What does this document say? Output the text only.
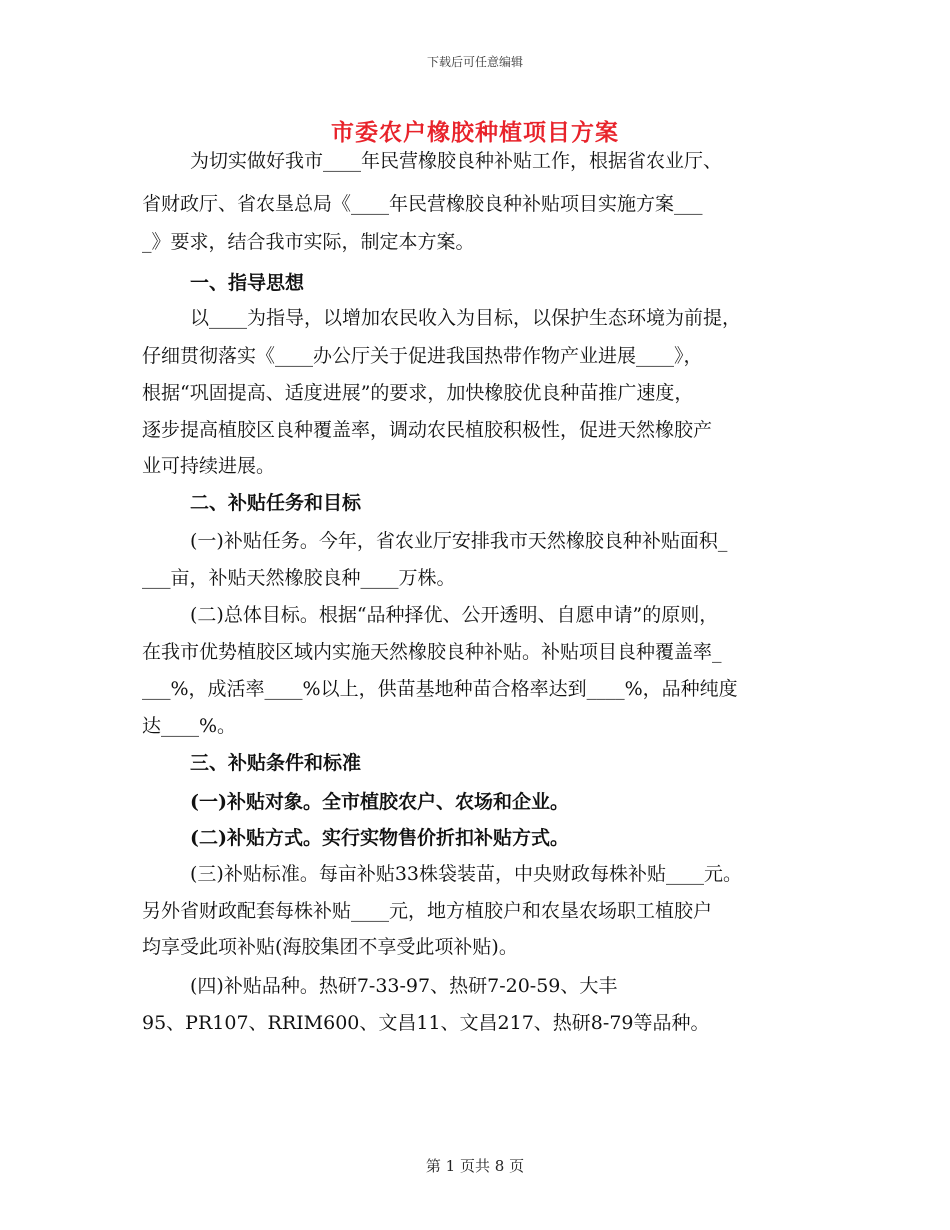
下载后可任意编辑
市委农户橡胶种植项目方案
为切实做好我市____年民营橡胶良种补贴工作，根据省农业厅、
省财政厅、省农垦总局《____年民营橡胶良种补贴项目实施方案___
_》要求，结合我市实际，制定本方案。
一、指导思想
以____为指导，以增加农民收入为目标，以保护生态环境为前提，
仔细贯彻落实《____办公厅关于促进我国热带作物产业进展____》，
根据“巩固提高、适度进展”的要求，加快橡胶优良种苗推广速度，
逐步提高植胶区良种覆盖率，调动农民植胶积极性，促进天然橡胶产
业可持续进展。
二、补贴任务和目标
(一)补贴任务。今年，省农业厅安排我市天然橡胶良种补贴面积_
___亩，补贴天然橡胶良种____万株。
(二)总体目标。根据“品种择优、公开透明、自愿申请”的原则，
在我市优势植胶区域内实施天然橡胶良种补贴。补贴项目良种覆盖率_
___%，成活率____%以上，供苗基地种苗合格率达到____%，品种纯度
达____%。
三、补贴条件和标准
(一)补贴对象。全市植胶农户、农场和企业。
(二)补贴方式。实行实物售价折扣补贴方式。
(三)补贴标准。每亩补贴33株袋装苗，中央财政每株补贴____元。
另外省财政配套每株补贴____元，地方植胶户和农垦农场职工植胶户
均享受此项补贴(海胶集团不享受此项补贴)。
(四)补贴品种。热研7-33-97、热研7-20-59、大丰
95、PR107、RRIM600、文昌11、文昌217、热研8-79等品种。
第 1 页共 8 页
